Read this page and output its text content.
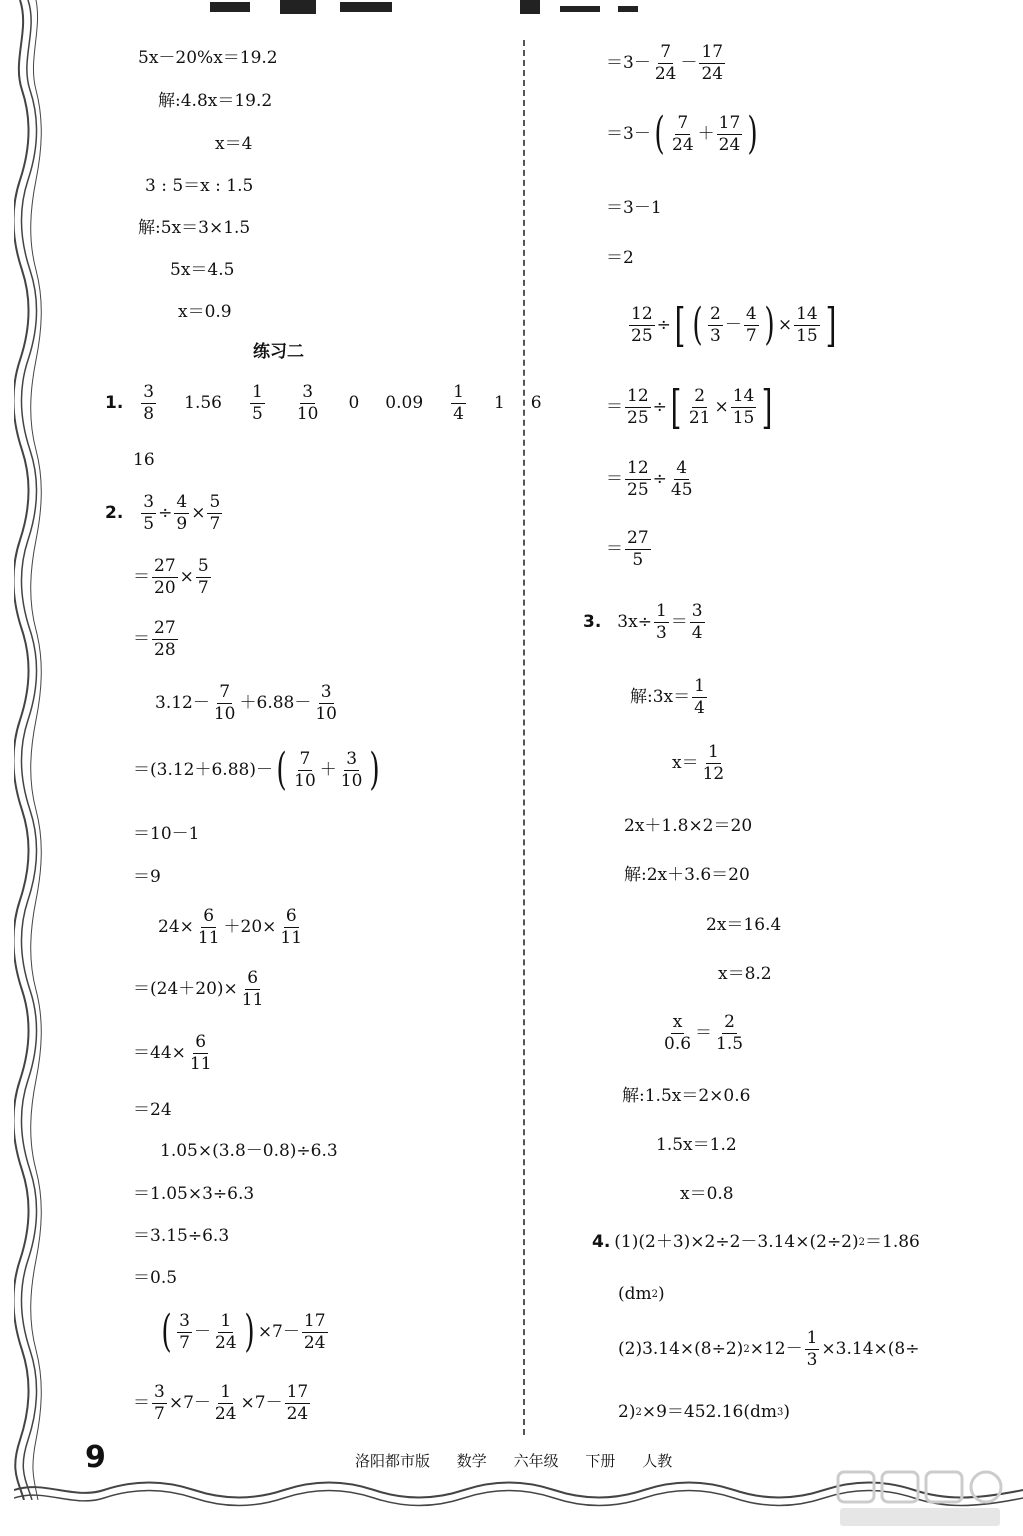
5x－20%x＝19.2
解:4.8x＝19.2
x＝4
3 : 5＝x : 1.5
解:5x＝3×1.5
5x＝4.5
x＝0.9
练习二
1. $\frac{3}{8} 1.56 \frac{1}{5} \frac{3}{10} 0$ $0.09 \frac{1}{4} 1$ 6
16
2. $\frac{3}{5} \div \frac{4}{9} \times \frac{5}{7}$
＝ $\frac{27}{20} \times \frac{5}{7}$
＝ $\frac{27}{28}$
$3.12- \frac{7}{10} +6.88- \frac{3}{10}$
＝(3.12＋6.88)－ ( $\frac{7}{10} + \frac{3}{10}$ )
＝10－1
＝9
$24\times \frac{6}{11} +20\times \frac{6}{11}$
$=(24+20)\times \frac{6}{11}$
$=44\times \frac{6}{11}$
＝24
1.05×(3.8－0.8)÷6.3
＝1.05×3÷6.3
＝3.15÷6.3
＝0.5
( $\frac{3}{7} - \frac{1}{24}$ ) $\times 7- \frac{17}{24}$
＝ $\frac{3}{7} \times 7- \frac{1}{24} \times 7- \frac{17}{24}$
$=3- \frac{7}{24} - \frac{17}{24}$
＝3－ ( $\frac{7}{24} + \frac{17}{24}$ )
＝3－1
＝2
$\frac{12}{25}$ ÷ [ ( $\frac{2}{3} - \frac{4}{7}$ ) × $\frac{14}{15}$ ]
＝ $\frac{12}{25}$ ÷ [ $\frac{2}{21} \times \frac{14}{15}$ ]
＝ $\frac{12}{25} \div \frac{4}{45}$
＝ $\frac{27}{5}$
3. $3x\div \frac{1}{3} = \frac{3}{4}$
解:3x＝ $\frac{1}{4}$
$x= \frac{1}{12}$
2x＋1.8×2＝20
解:2x＋3.6＝20
2x＝16.4
x＝8.2
$\frac{x}{0.6} = \frac{2}{1.5}$
解:1.5x＝2×0.6
1.5x＝1.2
x＝0.8
4. (1)(2＋3)×2÷2－3.14×(2÷2) 2 ＝1.86
(dm 2 )
(2)3.14×(8÷2) $2 \times 12- \frac{1}{3} \times 3.14\times(8\div$
2) 2 ×9＝452.16(dm 3 )
9	洛阳都市版 数学 六年级 下册 人教
